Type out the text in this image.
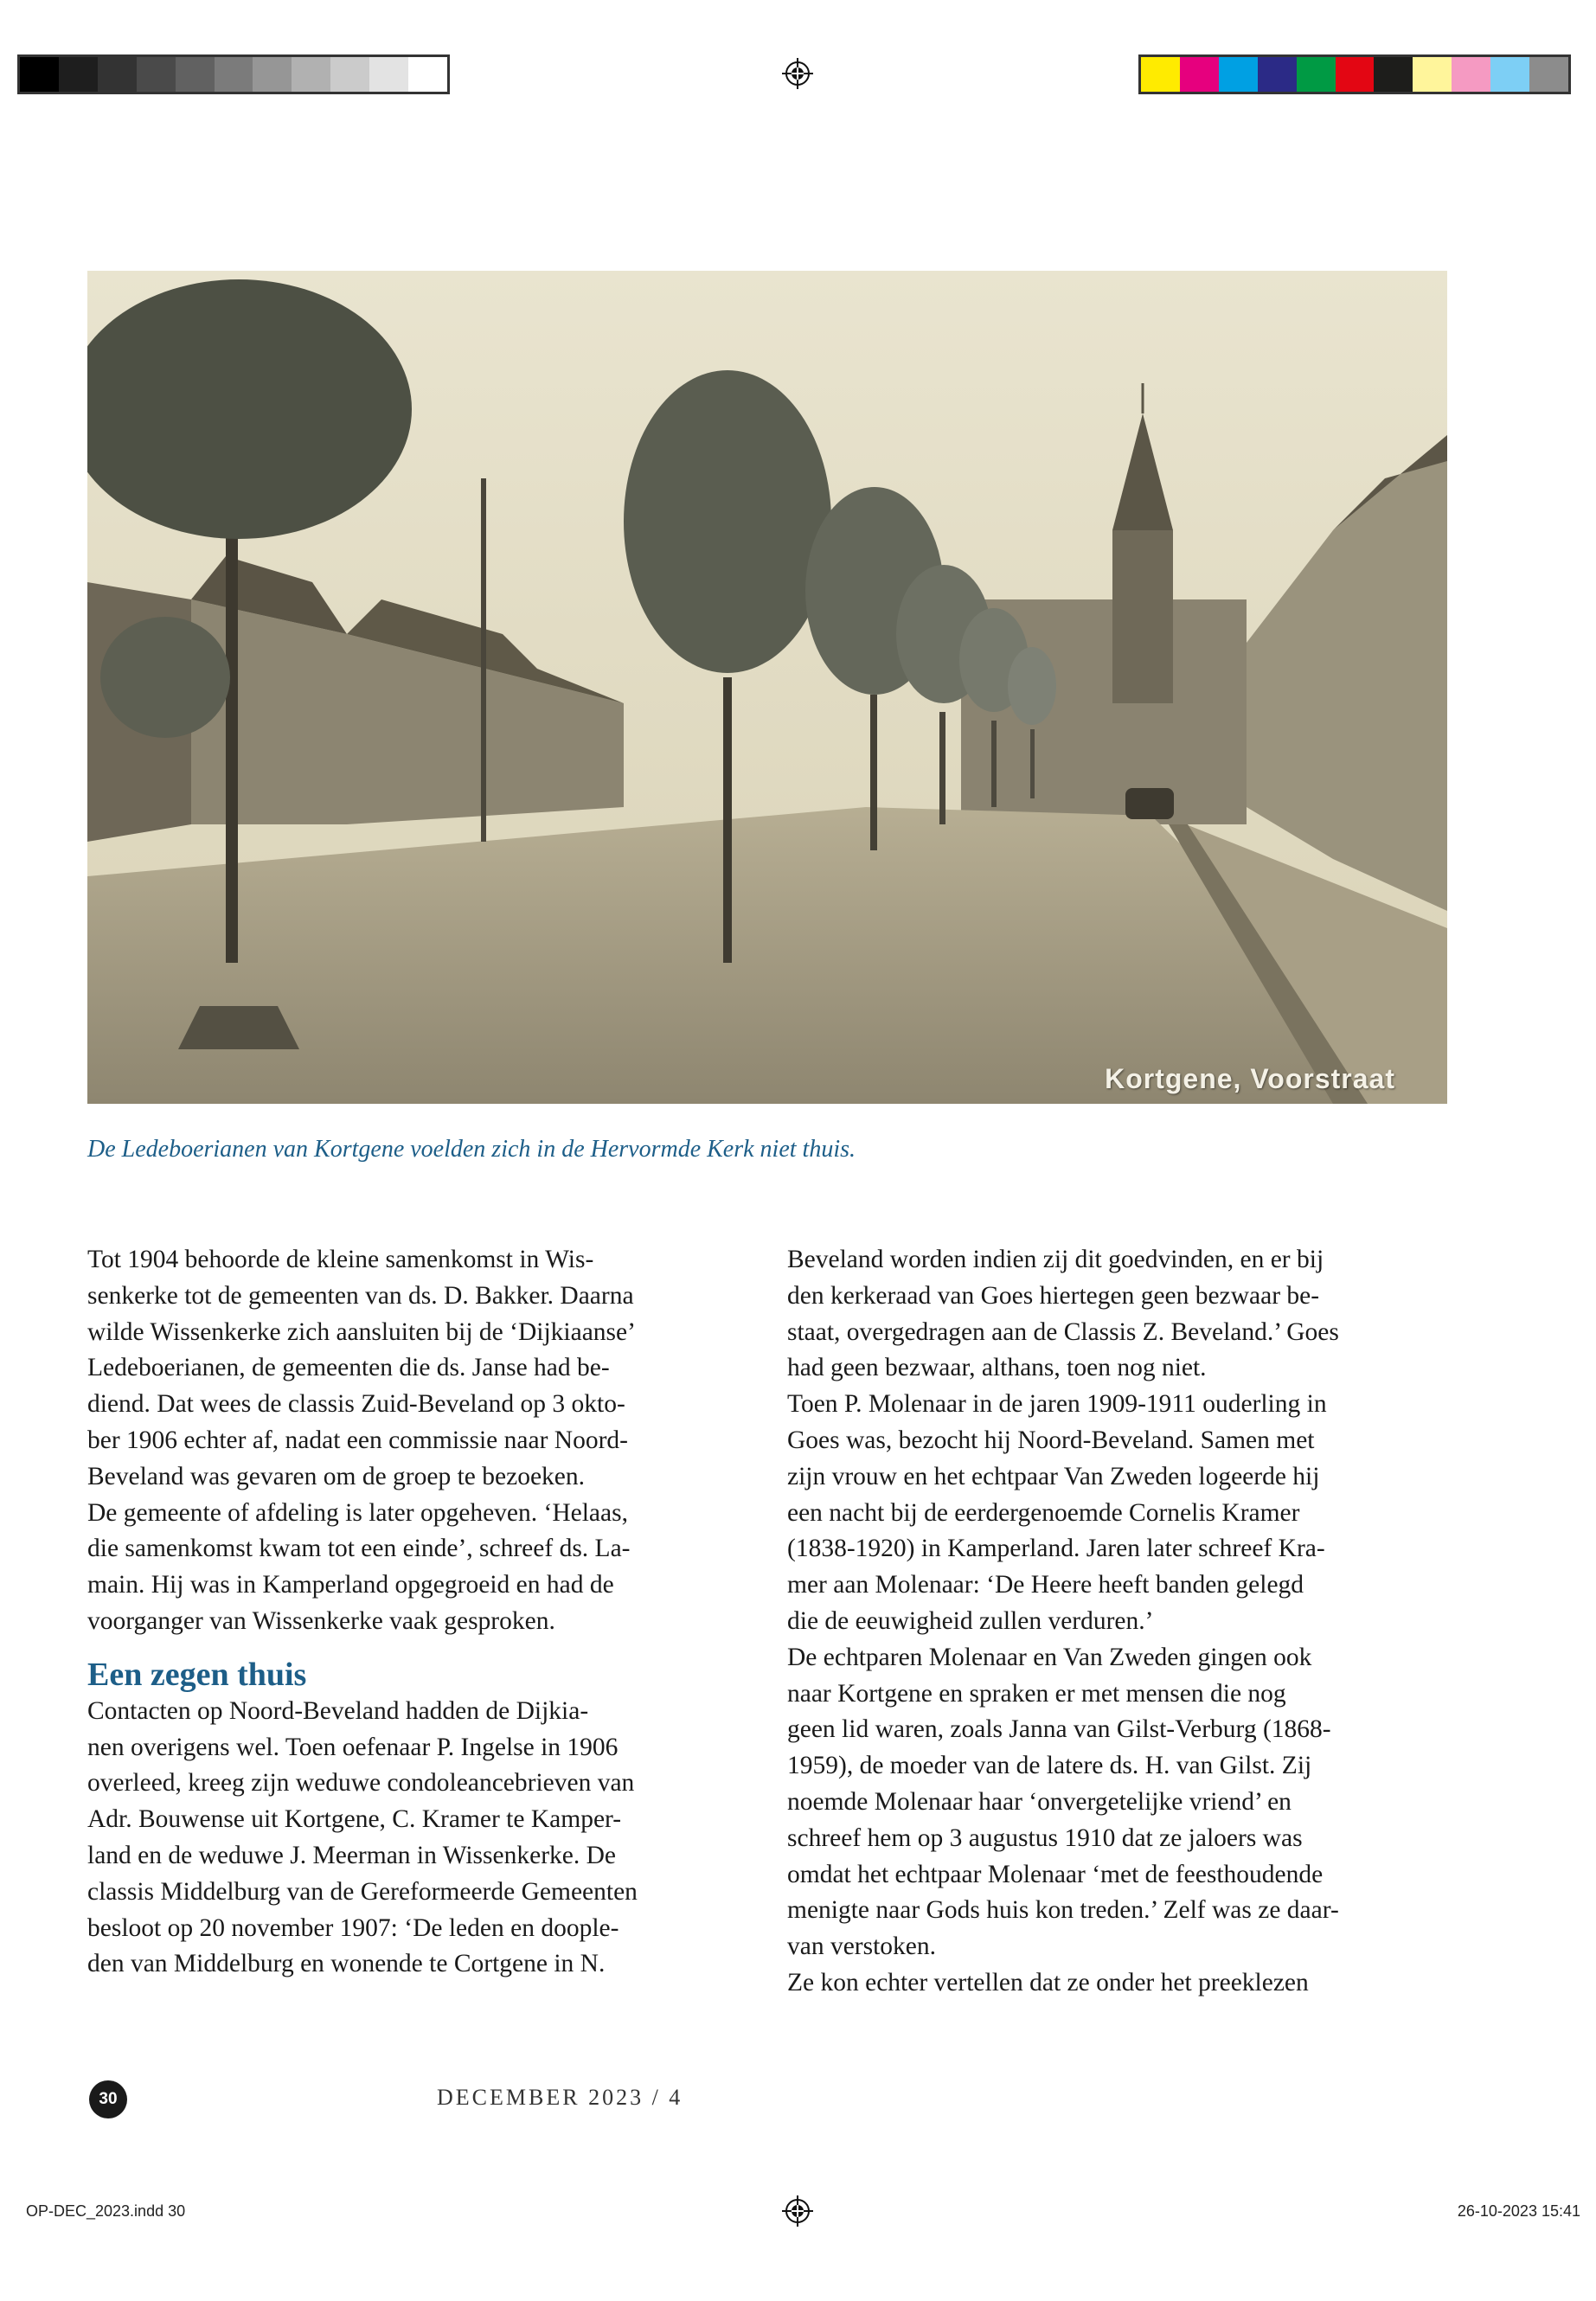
Kortgene, Voorstraat
De Ledeboerianen van Kortgene voelden zich in de Hervormde Kerk niet thuis.

Tot 1904 behoorde de kleine samenkomst in Wis-
senkerke tot de gemeenten van ds. D. Bakker. Daarna
wilde Wissenkerke zich aansluiten bij de ‘Dijkiaanse’
Ledeboerianen, de gemeenten die ds. Janse had be-
diend. Dat wees de classis Zuid-Beveland op 3 okto-
ber 1906 echter af, nadat een commissie naar Noord-
Beveland was gevaren om de groep te bezoeken.

De gemeente of afdeling is later opgeheven. ‘Helaas,
die samenkomst kwam tot een einde’, schreef ds. La-
main. Hij was in Kamperland opgegroeid en had de
voorganger van Wissenkerke vaak gesproken.

Een zegen thuis

Contacten op Noord-Beveland hadden de Dijkia-
nen overigens wel. Toen oefenaar P. Ingelse in 1906
overleed, kreeg zijn weduwe condoleancebrieven van
Adr. Bouwense uit Kortgene, C. Kramer te Kamper-
land en de weduwe J. Meerman in Wissenkerke. De
classis Middelburg van de Gereformeerde Gemeenten
besloot op 20 november 1907: ‘De leden en doople-
den van Middelburg en wonende te Cortgene in N.

Beveland worden indien zij dit goedvinden, en er bij
den kerkeraad van Goes hiertegen geen bezwaar be-
staat, overgedragen aan de Classis Z. Beveland.’ Goes
had geen bezwaar, althans, toen nog niet.

Toen P. Molenaar in de jaren 1909-1911 ouderling in
Goes was, bezocht hij Noord-Beveland. Samen met
zijn vrouw en het echtpaar Van Zweden logeerde hij
een nacht bij de eerdergenoemde Cornelis Kramer
(1838-1920) in Kamperland. Jaren later schreef Kra-
mer aan Molenaar: ‘De Heere heeft banden gelegd
die de eeuwigheid zullen verduren.’

De echtparen Molenaar en Van Zweden gingen ook
naar Kortgene en spraken er met mensen die nog
geen lid waren, zoals Janna van Gilst-Verburg (1868-
1959), de moeder van de latere ds. H. van Gilst. Zij
noemde Molenaar haar ‘onvergetelijke vriend’ en
schreef hem op 3 augustus 1910 dat ze jaloers was
omdat het echtpaar Molenaar ‘met de feesthoudende
menigte naar Gods huis kon treden.’ Zelf was ze daar-
van verstoken.

Ze kon echter vertellen dat ze onder het preeklezen

30	DECEMBER 2023 / 4
OP-DEC_2023.indd 30	26-10-2023 15:41
